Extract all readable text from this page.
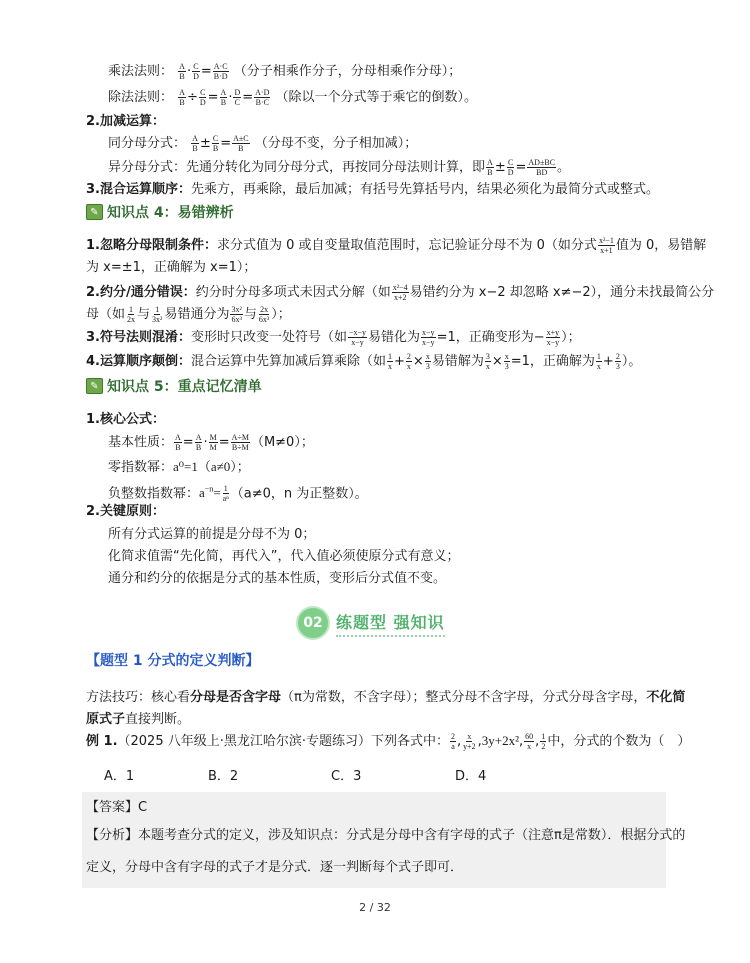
乘法法则： $\frac{A}{B} \cdot \frac{C}{D} = \frac{A\cdot C}{B\cdot D}$ （分子相乘作分子，分母相乘作分母）；
除法法则： $\frac{A}{B} \div \frac{C}{D} = \frac{A}{B} \cdot \frac{D}{C} = \frac{A\cdot D}{B\cdot C}$ （除以一个分式等于乘它的倒数）。
2.加减运算：
同分母分式： $\frac{A}{B} \pm \frac{C}{B} = \frac{A\pm C}{B}$ （分母不变，分子相加减）；
异分母分式：先通分转化为同分母分式，再按同分母法则计算，即 $\frac{A}{B} \pm \frac{C}{D} = \frac{AD\pm BC}{BD}$ 。
3.混合运算顺序：先乘方，再乘除，最后加减；有括号先算括号内，结果必须化为最简分式或整式。
✎ 知识点 4：易错辨析
1.忽略分母限制条件：求分式值为 0 或自变量取值范围时，忘记验证分母不为 0（如分式 $\frac{\text{x²−1}}{x+1}$ 值为 0，易错解
为 x=±1，正确解为 x=1）；
2.约分/通分错误：约分时分母多项式未因式分解（如 $\frac{\text{x²−4}}{x+2}$ 易错约分为 x−2 却忽略 x≠−2），通分未找最简公分
母（如 $\frac{1}{2x}$ 与 $\frac{1}{\text{3x²}}$ 易错通分为 $\frac{\text{3x²}}{\text{6x³}}$ 与 $\frac{2x}{\text{6x³}}$ ）；
3.符号法则混淆：变形时只改变一处符号（如 $\frac{-x-y}{x-y}$ 易错化为 $\frac{x-y}{x-y} =1$，正确变形为− $\frac{x+y}{x-y}$ ）；
4.运算顺序颠倒：混合运算中先算加减后算乘除（如 $\frac{1}{x} + \frac{2}{x} \times \frac{x}{3}$ 易错解为 $\frac{3}{x} \times \frac{x}{3} =1$，正确解为 $\frac{1}{x} + \frac{2}{3}$ ）。
✎ 知识点 5：重点记忆清单
1.核心公式：
基本性质： $\frac{A}{B} = \frac{A}{B} \cdot \frac{M}{M} = \frac{A\div M}{B\div M} (M\ne 0)$；
零指数幂：a⁰=1（a≠0）；
负整数指数幂：$a^{-n}= \frac{1}{\text{aⁿ}} (a\ne 0$，n 为正整数）。
2.关键原则：
所有分式运算的前提是分母不为 0；
化简求值需“先化简，再代入”，代入值必须使原分式有意义；
通分和约分的依据是分式的基本性质，变形后分式值不变。
02 练题型 强知识
【题型 1 分式的定义判断】
方法技巧：核心看分母是否含字母（π为常数，不含字母）；整式分母不含字母，分式分母含字母，不化简
原式子直接判断。
例 1.（2025 八年级上·黑龙江哈尔滨·专题练习）下列各式中： $\frac{2}{a}$ , $\frac{x}{y+2} ,3y+2x^2$, $\frac{60}{x}$ , $\frac{1}{2}$ 中，分式的个数为（　）
A．1	B．2	C．3	D．4
【答案】C
【分析】本题考查分式的定义，涉及知识点：分式是分母中含有字母的式子（注意π是常数）．根据分式的
定义，分母中含有字母的式子才是分式．逐一判断每个式子即可．
2 / 32
